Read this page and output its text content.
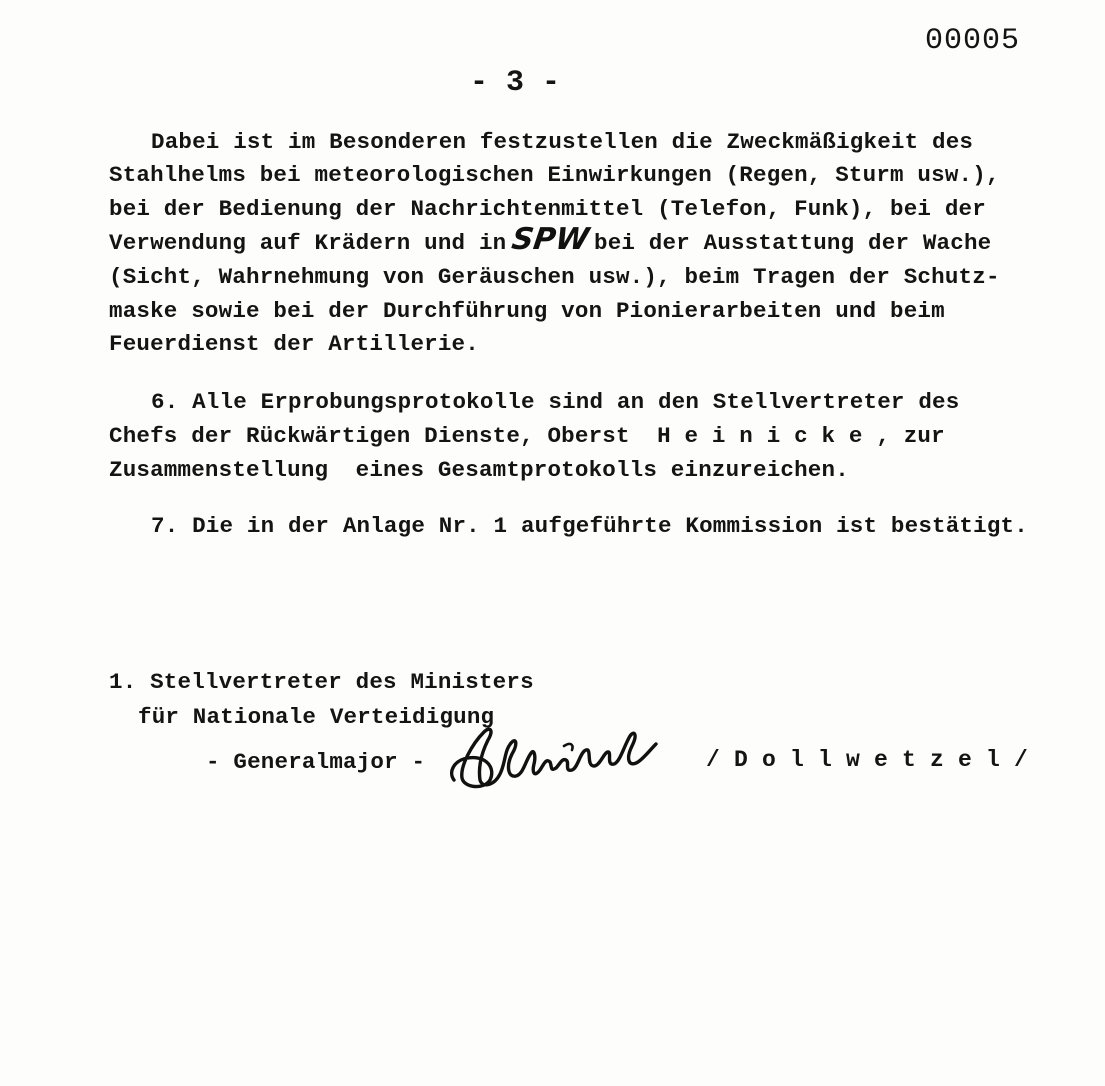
00005
- 3 -
Dabei ist im Besonderen festzustellen die Zweckmäßigkeit des
Stahlhelms bei meteorologischen Einwirkungen (Regen, Sturm usw.),
bei der Bedienung der Nachrichtenmittel (Telefon, Funk), bei der
Verwendung auf Krädern und in SPW bei der Ausstattung der Wache
(Sicht, Wahrnehmung von Geräuschen usw.), beim Tragen der Schutz-
maske sowie bei der Durchführung von Pionierarbeiten und beim
Feuerdienst der Artillerie.
6. Alle Erprobungsprotokolle sind an den Stellvertreter des
Chefs der Rückwärtigen Dienste, Oberst  H e i n i c k e , zur
Zusammenstellung  eines Gesamtprotokolls einzureichen.
7. Die in der Anlage Nr. 1 aufgeführte Kommission ist bestätigt.
1. Stellvertreter des Ministers
für Nationale Verteidigung
- Generalmajor -	/ D o l l w e t z e l /
